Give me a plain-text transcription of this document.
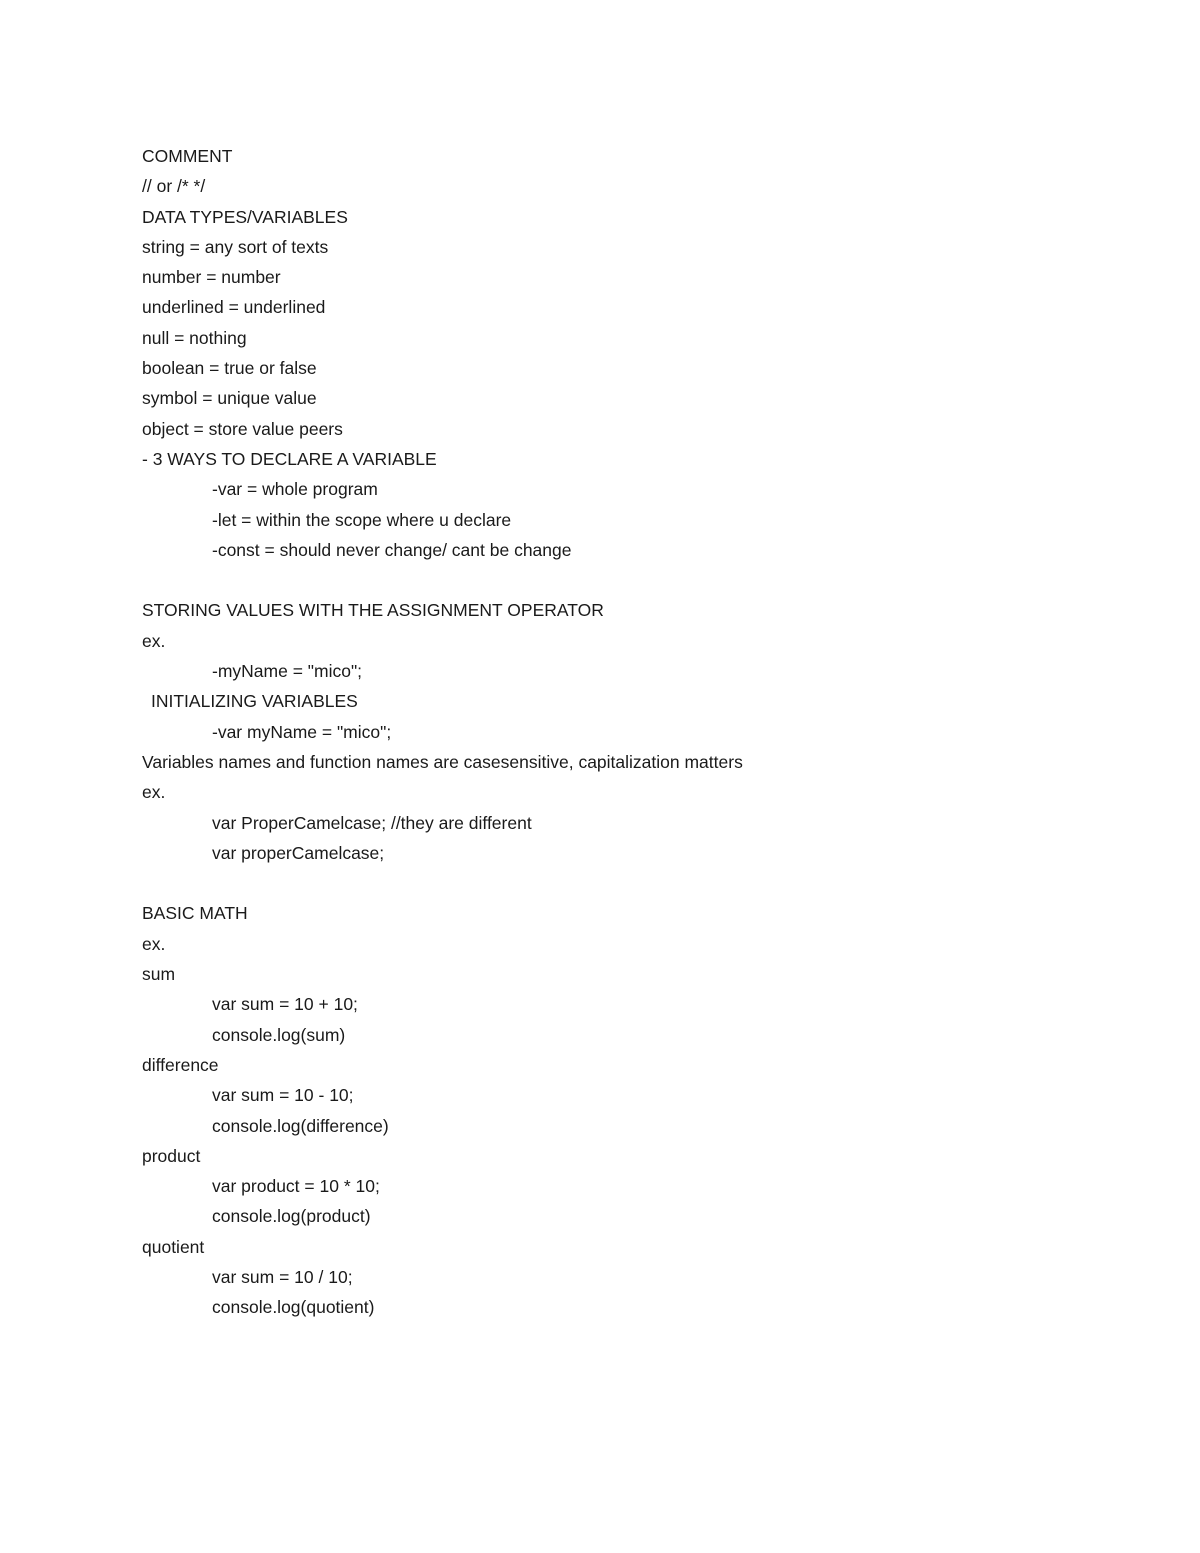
COMMENT
// or /* */
DATA TYPES/VARIABLES
string = any sort of texts
number = number
underlined = underlined
null = nothing
boolean = true or false
symbol = unique value
object = store value peers
- 3 WAYS TO DECLARE A VARIABLE
-var = whole program
-let = within the scope where u declare
-const = should never change/ cant be change
STORING VALUES WITH THE ASSIGNMENT OPERATOR
ex.
-myName = "mico";
INITIALIZING VARIABLES
-var myName = "mico";
Variables names and function names are casesensitive, capitalization matters
ex.
var ProperCamelcase; //they are different
var properCamelcase;
BASIC MATH
ex.
sum
var sum = 10 + 10;
console.log(sum)
difference
var sum = 10 - 10;
console.log(difference)
product
var product = 10 * 10;
console.log(product)
quotient
var sum = 10 / 10;
console.log(quotient)
